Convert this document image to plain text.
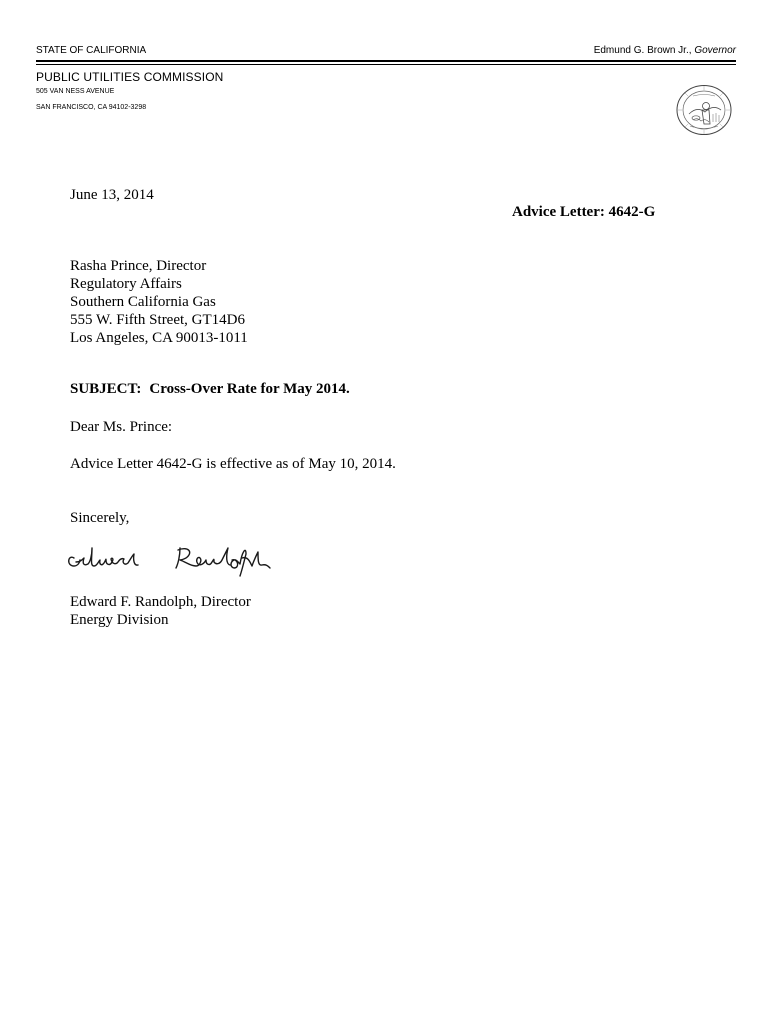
STATE OF CALIFORNIA	Edmund G. Brown Jr., Governor
PUBLIC UTILITIES COMMISSION
505 VAN NESS AVENUE
SAN FRANCISCO, CA 94102-3298
June 13, 2014
Advice Letter: 4642-G
Rasha Prince, Director
Regulatory Affairs
Southern California Gas
555 W. Fifth Street, GT14D6
Los Angeles, CA 90013-1011
SUBJECT: Cross-Over Rate for May 2014.
Dear Ms. Prince:
Advice Letter 4642-G is effective as of May 10, 2014.
Sincerely,
Edward F. Randolph, Director
Energy Division
